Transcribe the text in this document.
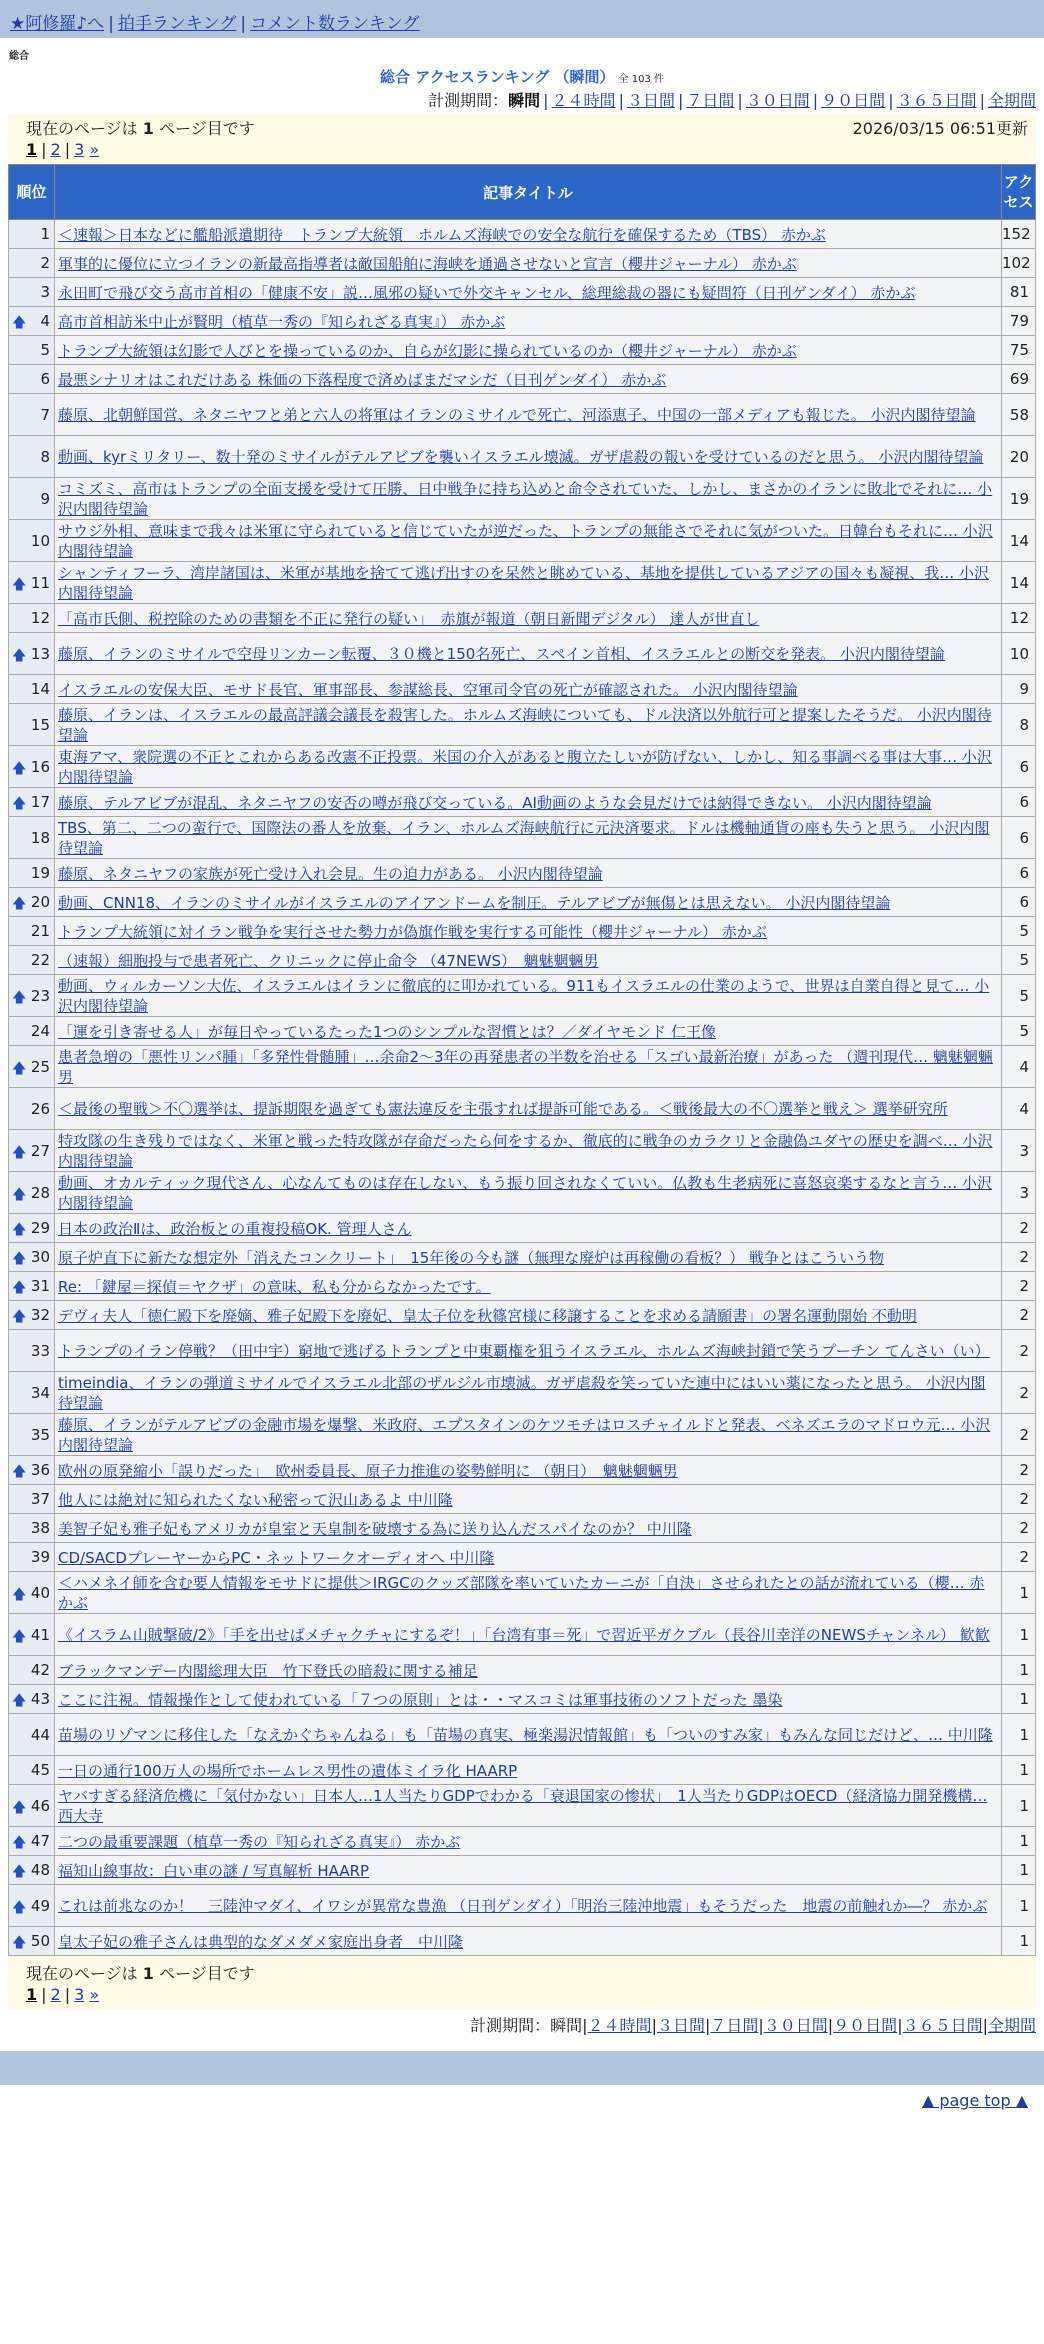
★阿修羅♪へ | 拍手ランキング | コメント数ランキング
総合
総合 アクセスランキング （瞬間） 全 103 件
計測期間：瞬間 | ２４時間 | ３日間 | ７日間 | ３０日間 | ９０日間 | ３６５日間 | 全期間
現在のページは 1 ページ目です	2026/03/15 06:51更新
1 | 2 | 3 »
順位	記事タイトル	アクセス
1	＜速報＞日本などに艦船派遣期待　トランプ大統領　ホルムズ海峡での安全な航行を確保するため（TBS） 赤かぶ	152
2	軍事的に優位に立つイランの新最高指導者は敵国船舶に海峡を通過させないと宣言（櫻井ジャーナル） 赤かぶ	102
3	永田町で飛び交う高市首相の「健康不安」説…風邪の疑いで外交キャンセル、総理総裁の器にも疑問符（日刊ゲンダイ） 赤かぶ	81

🡅 4	高市首相訪米中止が賢明（植草一秀の『知られざる真実』） 赤かぶ	79
5	トランプ大統領は幻影で人びとを操っているのか、自らが幻影に操られているのか（櫻井ジャーナル） 赤かぶ	75
6	最悪シナリオはこれだけある 株価の下落程度で済めばまだマシだ（日刊ゲンダイ） 赤かぶ	69
7	藤原、北朝鮮国営、ネタニヤフと弟と六人の将軍はイランのミサイルで死亡、河添恵子、中国の一部メディアも報じた。 小沢内閣待望論	58
8	動画、kyrミリタリー、数十発のミサイルがテルアビブを襲いイスラエル壊滅。ガザ虐殺の報いを受けているのだと思う。 小沢内閣待望論	20
9	コミズミ、高市はトランプの全面支援を受けて圧勝、日中戦争に持ち込めと命令されていた、しかし、まさかのイランに敗北でそれに… 小沢内閣待望論	19
10	サウジ外相、意味まで我々は米軍に守られていると信じていたが逆だった、トランプの無能さでそれに気がついた。日韓台もそれに… 小沢内閣待望論	14

🡅 11	シャンティフーラ、湾岸諸国は、米軍が基地を捨てて逃げ出すのを呆然と眺めている、基地を提供しているアジアの国々も凝視、我… 小沢内閣待望論	14
12	「高市氏側、税控除のための書類を不正に発行の疑い」　赤旗が報道（朝日新聞デジタル） 達人が世直し	12

🡅 13	藤原、イランのミサイルで空母リンカーン転覆、３０機と150名死亡、スペイン首相、イスラエルとの断交を発表。 小沢内閣待望論	10
14	イスラエルの安保大臣、モサド長官、軍事部長、参謀総長、空軍司令官の死亡が確認された。 小沢内閣待望論	9
15	藤原、イランは、イスラエルの最高評議会議長を殺害した。ホルムズ海峡についても、ドル決済以外航行可と提案したそうだ。 小沢内閣待望論	8

🡅 16	東海アマ、衆院選の不正とこれからある改憲不正投票。米国の介入があると腹立たしいが防げない、しかし、知る事調べる事は大事… 小沢内閣待望論	6

🡅 17	藤原、テルアビブが混乱、ネタニヤフの安否の噂が飛び交っている。AI動画のような会見だけでは納得できない。 小沢内閣待望論	6
18	TBS、第二、二つの蛮行で、国際法の番人を放棄、イラン、ホルムズ海峡航行に元決済要求。ドルは機軸通貨の座も失うと思う。 小沢内閣待望論	6
19	藤原、ネタニヤフの家族が死亡受け入れ会見。生の迫力がある。 小沢内閣待望論	6

🡅 20	動画、CNN18、イランのミサイルがイスラエルのアイアンドームを制圧。テルアビブが無傷とは思えない。 小沢内閣待望論	6
21	トランプ大統領に対イラン戦争を実行させた勢力が偽旗作戦を実行する可能性（櫻井ジャーナル） 赤かぶ	5
22	（速報）細胞投与で患者死亡、クリニックに停止命令 （47NEWS）　魑魅魍魎男	5

🡅 23	動画、ウィルカーソン大佐、イスラエルはイランに徹底的に叩かれている。911もイスラエルの仕業のようで、世界は自業自得と見て… 小沢内閣待望論	5
24	「運を引き寄せる人」が毎日やっているたった1つのシンプルな習慣とは？／ダイヤモンド 仁王像	5

🡅 25	患者急増の「悪性リンパ腫」「多発性骨髄腫」…余命2～3年の再発患者の半数を治せる「スゴい最新治療」があった （週刊現代… 魑魅魍魎男	4
26	＜最後の聖戦＞不〇選挙は、提訴期限を過ぎても憲法違反を主張すれば提訴可能である。＜戦後最大の不〇選挙と戦え＞ 選挙研究所	4

🡅 27	特攻隊の生き残りではなく、米軍と戦った特攻隊が存命だったら何をするか、徹底的に戦争のカラクリと金融偽ユダヤの歴史を調べ… 小沢内閣待望論	3

🡅 28	動画、オカルティック現代さん、心なんてものは存在しない、もう振り回されなくていい。仏教も生老病死に喜怒哀楽するなと言う… 小沢内閣待望論	3

🡅 29	日本の政治Ⅱは、政治板との重複投稿OK. 管理人さん	2

🡅 30	原子炉直下に新たな想定外「消えたコンクリート」　15年後の今も謎（無理な廃炉は再稼働の看板？） 戦争とはこういう物	2

🡅 31	Re: 「鍵屋＝探偵＝ヤクザ」の意味、私も分からなかったです。	2

🡅 32	デヴィ夫人「徳仁殿下を廃嫡、雅子妃殿下を廃妃、皇太子位を秋篠宮様に移譲することを求める請願書」の署名運動開始 不動明	2
33	トランプのイラン停戦？（田中宇）窮地で逃げるトランプと中東覇権を狙うイスラエル、ホルムズ海峡封鎖で笑うプーチン てんさい（い）	2
34	timeindia、イランの弾道ミサイルでイスラエル北部のザルジル市壊滅。ガザ虐殺を笑っていた連中にはいい薬になったと思う。 小沢内閣待望論	2
35	藤原、イランがテルアビブの金融市場を爆撃、米政府、エプスタインのケツモチはロスチャイルドと発表、ベネズエラのマドロウ元… 小沢内閣待望論	2

🡅 36	欧州の原発縮小「誤りだった」　欧州委員長、原子力推進の姿勢鮮明に （朝日）　魑魅魍魎男	2
37	他人には絶対に知られたくない秘密って沢山あるよ 中川隆	2
38	美智子妃も雅子妃もアメリカが皇室と天皇制を破壊する為に送り込んだスパイなのか？ 中川隆	2
39	CD/SACDプレーヤーからPC・ネットワークオーディオへ 中川隆	2

🡅 40	＜ハメネイ師を含む要人情報をモサドに提供＞IRGCのクッズ部隊を率いていたカーニが「自決」させられたとの話が流れている（櫻… 赤かぶ	1

🡅 41	《イスラム山賊撃破/2》「手を出せばメチャクチャにするぞ！」「台湾有事＝死」で習近平ガクブル（長谷川幸洋のNEWSチャンネル） 歓歓	1
42	ブラックマンデー内閣総理大臣　竹下登氏の暗殺に関する補足	1

🡅 43	ここに注視。情報操作として使われている「７つの原則」とは・・マスコミは軍事技術のソフトだった 墨染	1
44	苗場のリゾマンに移住した「なえかぐちゃんねる」も「苗場の真実、極楽湯沢情報館」も「ついのすみ家」もみんな同じだけど、… 中川隆	1
45	一日の通行100万人の場所でホームレス男性の遺体ミイラ化 HAARP	1

🡅 46	ヤバすぎる経済危機に「気付かない」日本人…1人当たりGDPでわかる「衰退国家の惨状」　1人当たりGDPはOECD（経済協力開発機構… 西大寺	1

🡅 47	二つの最重要課題（植草一秀の『知られざる真実』） 赤かぶ	1

🡅 48	福知山線事故：白い車の謎 / 写真解析 HAARP	1

🡅 49	これは前兆なのか！　三陸沖マダイ、イワシが異常な豊漁 （日刊ゲンダイ）「明治三陸沖地震」もそうだった　地震の前触れか―？ 赤かぶ	1

🡅 50	皇太子妃の雅子さんは典型的なダメダメ家庭出身者　中川隆	1
現在のページは 1 ページ目です
1 | 2 | 3 »
計測期間：瞬間|２４時間|３日間|７日間|３０日間|９０日間|３６５日間|全期間
▲ page top ▲
